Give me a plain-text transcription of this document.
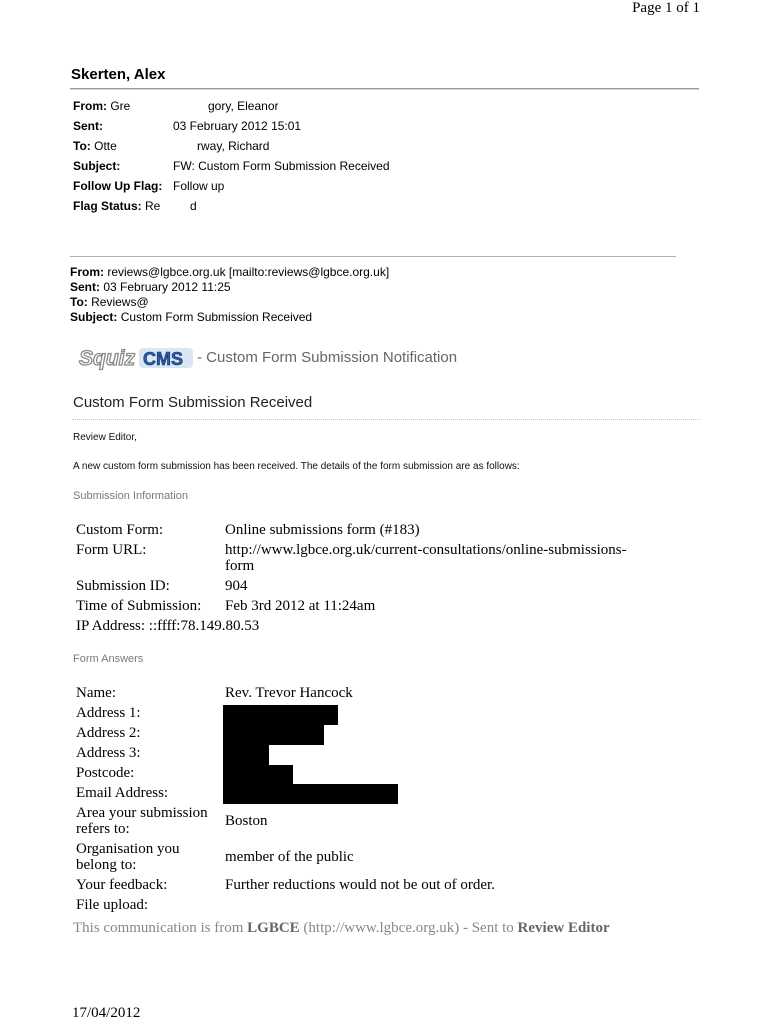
Page 1 of 1
Skerten, Alex
From: Gre	gory, Eleanor
Sent:	03 February 2012 15:01
To: Otte	rway, Richard
Subject:	FW: Custom Form Submission Received
Follow Up Flag: Follow up
Flag Status: Re d
From: reviews@lgbce.org.uk [mailto:reviews@lgbce.org.uk]
Sent: 03 February 2012 11:25
To: Reviews@
Subject: Custom Form Submission Received
Squiz CMS - Custom Form Submission Notification
Custom Form Submission Received
Review Editor,
A new custom form submission has been received. The details of the form submission are as follows:
Submission Information
Custom Form:	Online submissions form (#183)
Form URL:	http://www.lgbce.org.uk/current-consultations/online-submissions-
form
Submission ID:	904
Time of Submission: Feb 3rd 2012 at 11:24am
IP Address: ::ffff:78.149.80.53
Form Answers
Name:	Rev. Trevor Hancock
Address 1:
Address 2:
Address 3:
Postcode:
Email Address:
Area your submission
refers to:	Boston
Organisation you
belong to:	member of the public
Your feedback:	Further reductions would not be out of order.
File upload:
This communication is from LGBCE (http://www.lgbce.org.uk) - Sent to Review Editor
17/04/2012
